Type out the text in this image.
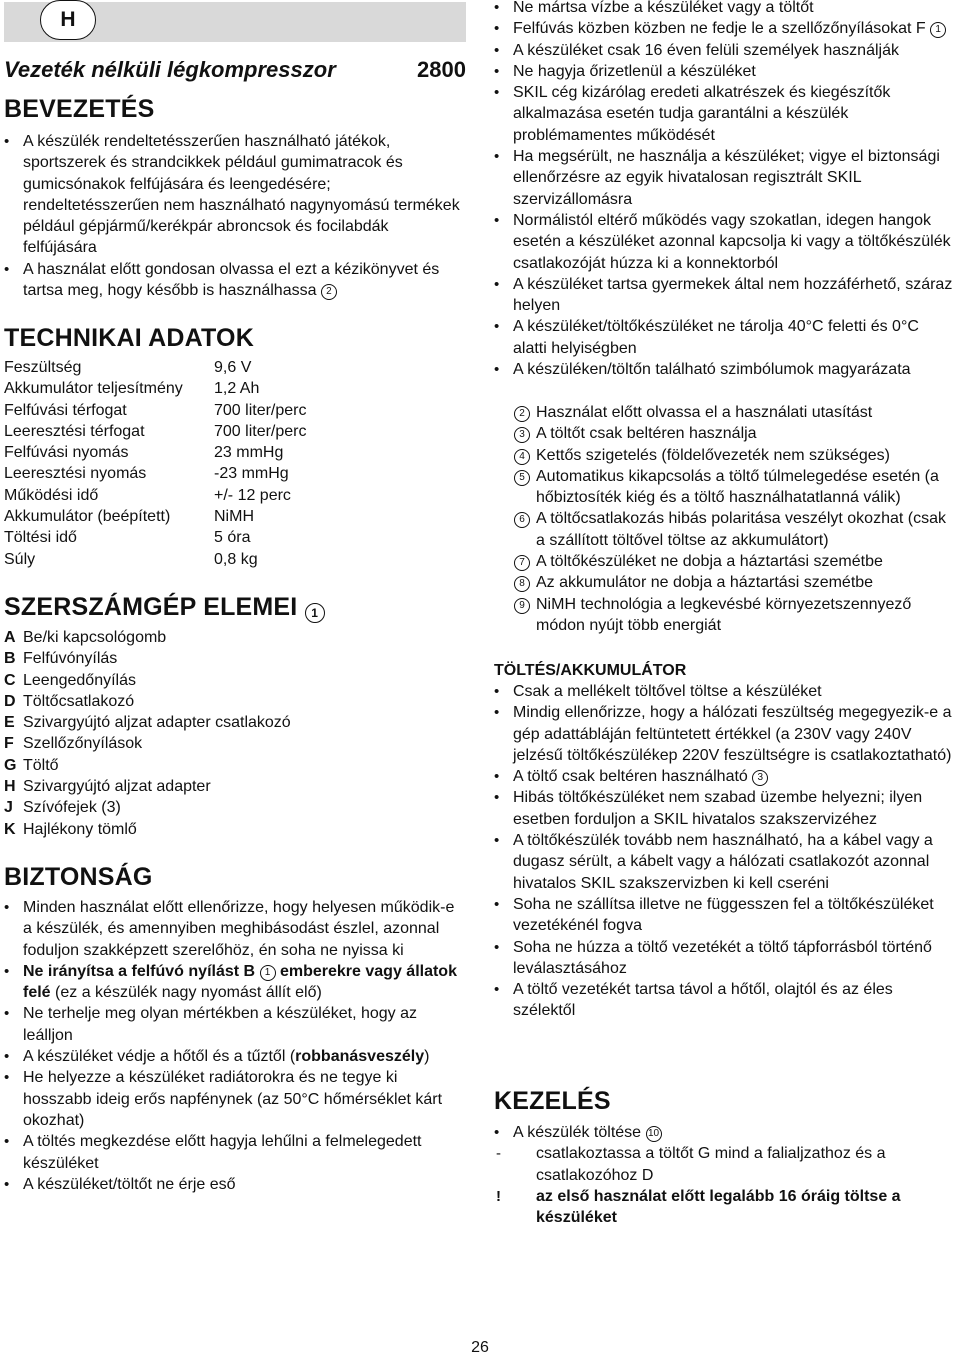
H
Vezeték nélküli légkompresszor	2800
BEVEZETÉS
• A készülék rendeltetésszerűen használható játékok, sportszerek és strandcikkek például gumimatracok és gumicsónakok felfújására és leengedésére; rendeltetésszerűen nem használható nagynyomású termékek például gépjármű/kerékpár abroncsok és focilabdák felfújására
• A használat előtt gondosan olvassa el ezt a kézikönyvet és tartsa meg, hogy később is használhassa 2
TECHNIKAI ADATOK
Feszültség	9,6 V
Akkumulátor teljesítmény	1,2 Ah
Felfúvási térfogat	700 liter/perc
Leeresztési térfogat	700 liter/perc
Felfúvási nyomás	23 mmHg
Leeresztési nyomás	-23 mmHg
Működési idő	+/- 12 perc
Akkumulátor (beépített)	NiMH
Töltési idő	5 óra
Súly	0,8 kg
SZERSZÁMGÉP ELEMEI 1
A Be/ki kapcsológomb
B Felfúvónyílás
C Leengedőnyílás
D Töltőcsatlakozó
E Szivargyújtó aljzat adapter csatlakozó
F Szellőzőnyílások
G Töltő
H Szivargyújtó aljzat adapter
J Szívófejek (3)
K Hajlékony tömlő
BIZTONSÁG
• Minden használat előtt ellenőrizze, hogy helyesen működik-e a készülék, és amennyiben meghibásodást észlel, azonnal foduljon szakképzett szerelőhöz, én soha ne nyissa ki
• Ne irányítsa a felfúvó nyílást B 1 emberekre vagy állatok felé (ez a készülék nagy nyomást állít elő)
• Ne terhelje meg olyan mértékben a készüléket, hogy az leálljon
• A készüléket védje a hőtől és a tűztől (robbanásveszély)
• He helyezze a készüléket radiátorokra és ne tegye ki hosszabb ideig erős napfénynek (az 50°C hőmérséklet kárt okozhat)
• A töltés megkezdése előtt hagyja lehűlni a felmelegedett készüléket
• A készüléket/töltőt ne érje eső
• Ne mártsa vízbe a készüléket vagy a töltőt
• Felfúvás közben közben ne fedje le a szellőzőnyílásokat F 1
• A készüléket csak 16 éven felüli személyek használják
• Ne hagyja őrizetlenül a készüléket
• SKIL cég kizárólag eredeti alkatrészek és kiegészítők alkalmazása esetén tudja garantálni a készülék problémamentes működését
• Ha megsérült, ne használja a készüléket; vigye el biztonsági ellenőrzésre az egyik hivatalosan regisztrált SKIL szervizállomásra
• Normálistól eltérő működés vagy szokatlan, idegen hangok esetén a készüléket azonnal kapcsolja ki vagy a töltőkészülék csatlakozóját húzza ki a konnektorból
• A készüléket tartsa gyermekek által nem hozzáférhető, száraz helyen
• A készüléket/töltőkészüléket ne tárolja 40°C feletti és 0°C alatti helyiségben
• A készüléken/töltőn található szimbólumok magyarázata
2 Használat előtt olvassa el a használati utasítást
3 A töltőt csak beltéren használja
4 Kettős szigetelés (földelővezeték nem szükséges)
5 Automatikus kikapcsolás a töltő túlmelegedése esetén (a hőbiztosíték kiég és a töltő használhatatlanná válik)
6 A töltőcsatlakozás hibás polaritása veszélyt okozhat (csak a szállított töltővel töltse az akkumulátort)
7 A töltőkészüléket ne dobja a háztartási szemétbe
8 Az akkumulátor ne dobja a háztartási szemétbe
9 NiMH technológia a legkevésbé környezetszennyező módon nyújt több energiát
TÖLTÉS/AKKUMULÁTOR
• Csak a mellékelt töltővel töltse a készüléket
• Mindig ellenőrizze, hogy a hálózati feszültség megegyezik-e a gép adattábláján feltüntetett értékkel (a 230V vagy 240V jelzésű töltőkészülékep 220V feszültségre is csatlakoztatható)
• A töltő csak beltéren használható 3
• Hibás töltőkészüléket nem szabad üzembe helyezni; ilyen esetben forduljon a SKIL hivatalos szakszervizéhez
• A töltőkészülék tovább nem használható, ha a kábel vagy a dugasz sérült, a kábelt vagy a hálózati csatlakozót azonnal hivatalos SKIL szakszervizben ki kell cseréni
• Soha ne szállítsa illetve ne függesszen fel a töltőkészüléket vezetékénél fogva
• Soha ne húzza a töltő vezetékét a töltő tápforrásból történő leválasztásához
• A töltő vezetékét tartsa távol a hőtől, olajtól és az éles szélektől
KEZELÉS
• A készülék töltése 10
- csatlakoztassa a töltőt G mind a falialjzathoz és a csatlakozóhoz D
! az első használat előtt legalább 16 óráig töltse a készüléket
26
